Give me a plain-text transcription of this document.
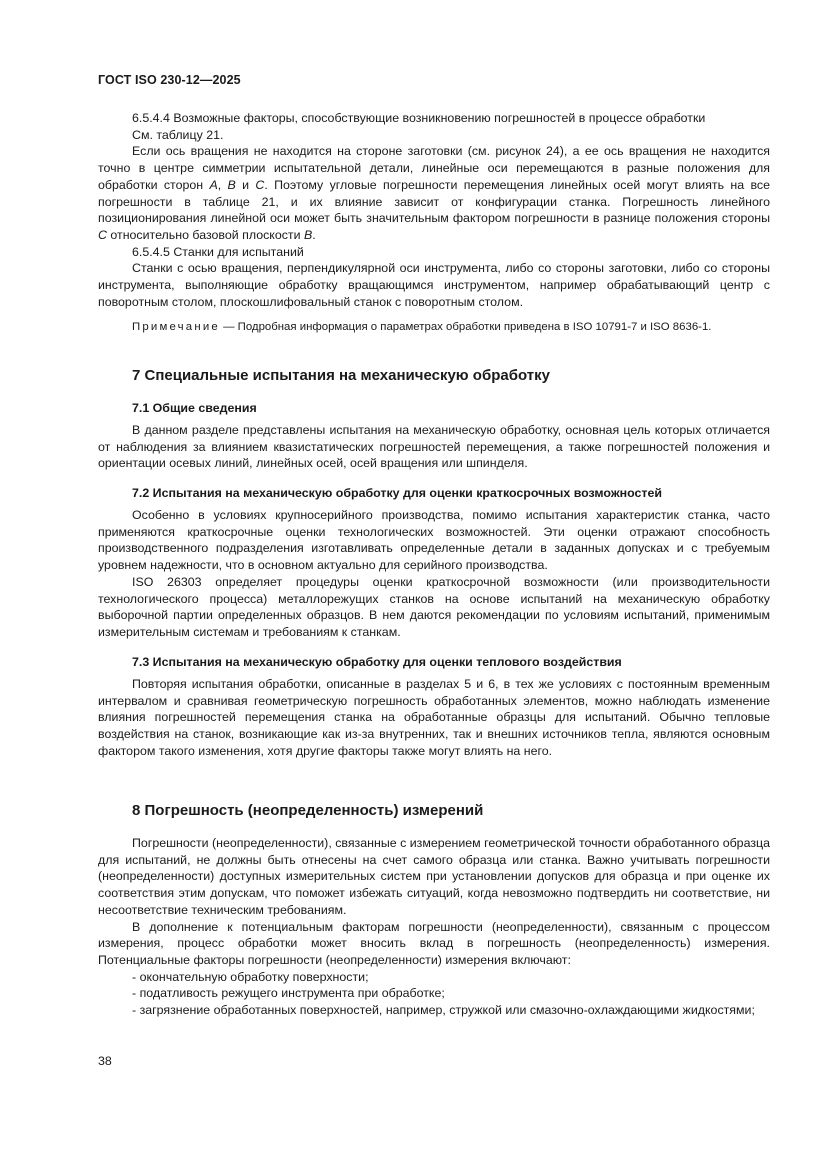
ГОСТ ISO 230-12—2025

6.5.4.4 Возможные факторы, способствующие возникновению погрешностей в процессе обработки

См. таблицу 21.

Если ось вращения не находится на стороне заготовки (см. рисунок 24), а ее ось вращения не находится точно в центре симметрии испытательной детали, линейные оси перемещаются в разные положения для обработки сторон A, B и C. Поэтому угловые погрешности перемещения линейных осей могут влиять на все погрешности в таблице 21, и их влияние зависит от конфигурации станка. Погрешность линейного позиционирования линейной оси может быть значительным фактором погрешности в разнице положения стороны C относительно базовой плоскости B.

6.5.4.5 Станки для испытаний

Станки с осью вращения, перпендикулярной оси инструмента, либо со стороны заготовки, либо со стороны инструмента, выполняющие обработку вращающимся инструментом, например обрабатывающий центр с поворотным столом, плоскошлифовальный станок с поворотным столом.

Примечание — Подробная информация о параметрах обработки приведена в ISO 10791-7 и ISO 8636-1.

7 Специальные испытания на механическую обработку
7.1 Общие сведения

В данном разделе представлены испытания на механическую обработку, основная цель которых отличается от наблюдения за влиянием квазистатических погрешностей перемещения, а также погрешностей положения и ориентации осевых линий, линейных осей, осей вращения или шпинделя.

7.2 Испытания на механическую обработку для оценки краткосрочных возможностей

Особенно в условиях крупносерийного производства, помимо испытания характеристик станка, часто применяются краткосрочные оценки технологических возможностей. Эти оценки отражают способность производственного подразделения изготавливать определенные детали в заданных допусках и с требуемым уровнем надежности, что в основном актуально для серийного производства.

ISO 26303 определяет процедуры оценки краткосрочной возможности (или производительности технологического процесса) металлорежущих станков на основе испытаний на механическую обработку выборочной партии определенных образцов. В нем даются рекомендации по условиям испытаний, применимым измерительным системам и требованиям к станкам.

7.3 Испытания на механическую обработку для оценки теплового воздействия

Повторяя испытания обработки, описанные в разделах 5 и 6, в тех же условиях с постоянным временным интервалом и сравнивая геометрическую погрешность обработанных элементов, можно наблюдать изменение влияния погрешностей перемещения станка на обработанные образцы для испытаний. Обычно тепловые воздействия на станок, возникающие как из-за внутренних, так и внешних источников тепла, являются основным фактором такого изменения, хотя другие факторы также могут влиять на него.

8 Погрешность (неопределенность) измерений

Погрешности (неопределенности), связанные с измерением геометрической точности обработанного образца для испытаний, не должны быть отнесены на счет самого образца или станка. Важно учитывать погрешности (неопределенности) доступных измерительных систем при установлении допусков для образца и при оценке их соответствия этим допускам, что поможет избежать ситуаций, когда невозможно подтвердить ни соответствие, ни несоответствие техническим требованиям.

В дополнение к потенциальным факторам погрешности (неопределенности), связанным с процессом измерения, процесс обработки может вносить вклад в погрешность (неопределенность) измерения. Потенциальные факторы погрешности (неопределенности) измерения включают:

- окончательную обработку поверхности;

- податливость режущего инструмента при обработке;

- загрязнение обработанных поверхностей, например, стружкой или смазочно-охлаждающими жидкостями;

38
